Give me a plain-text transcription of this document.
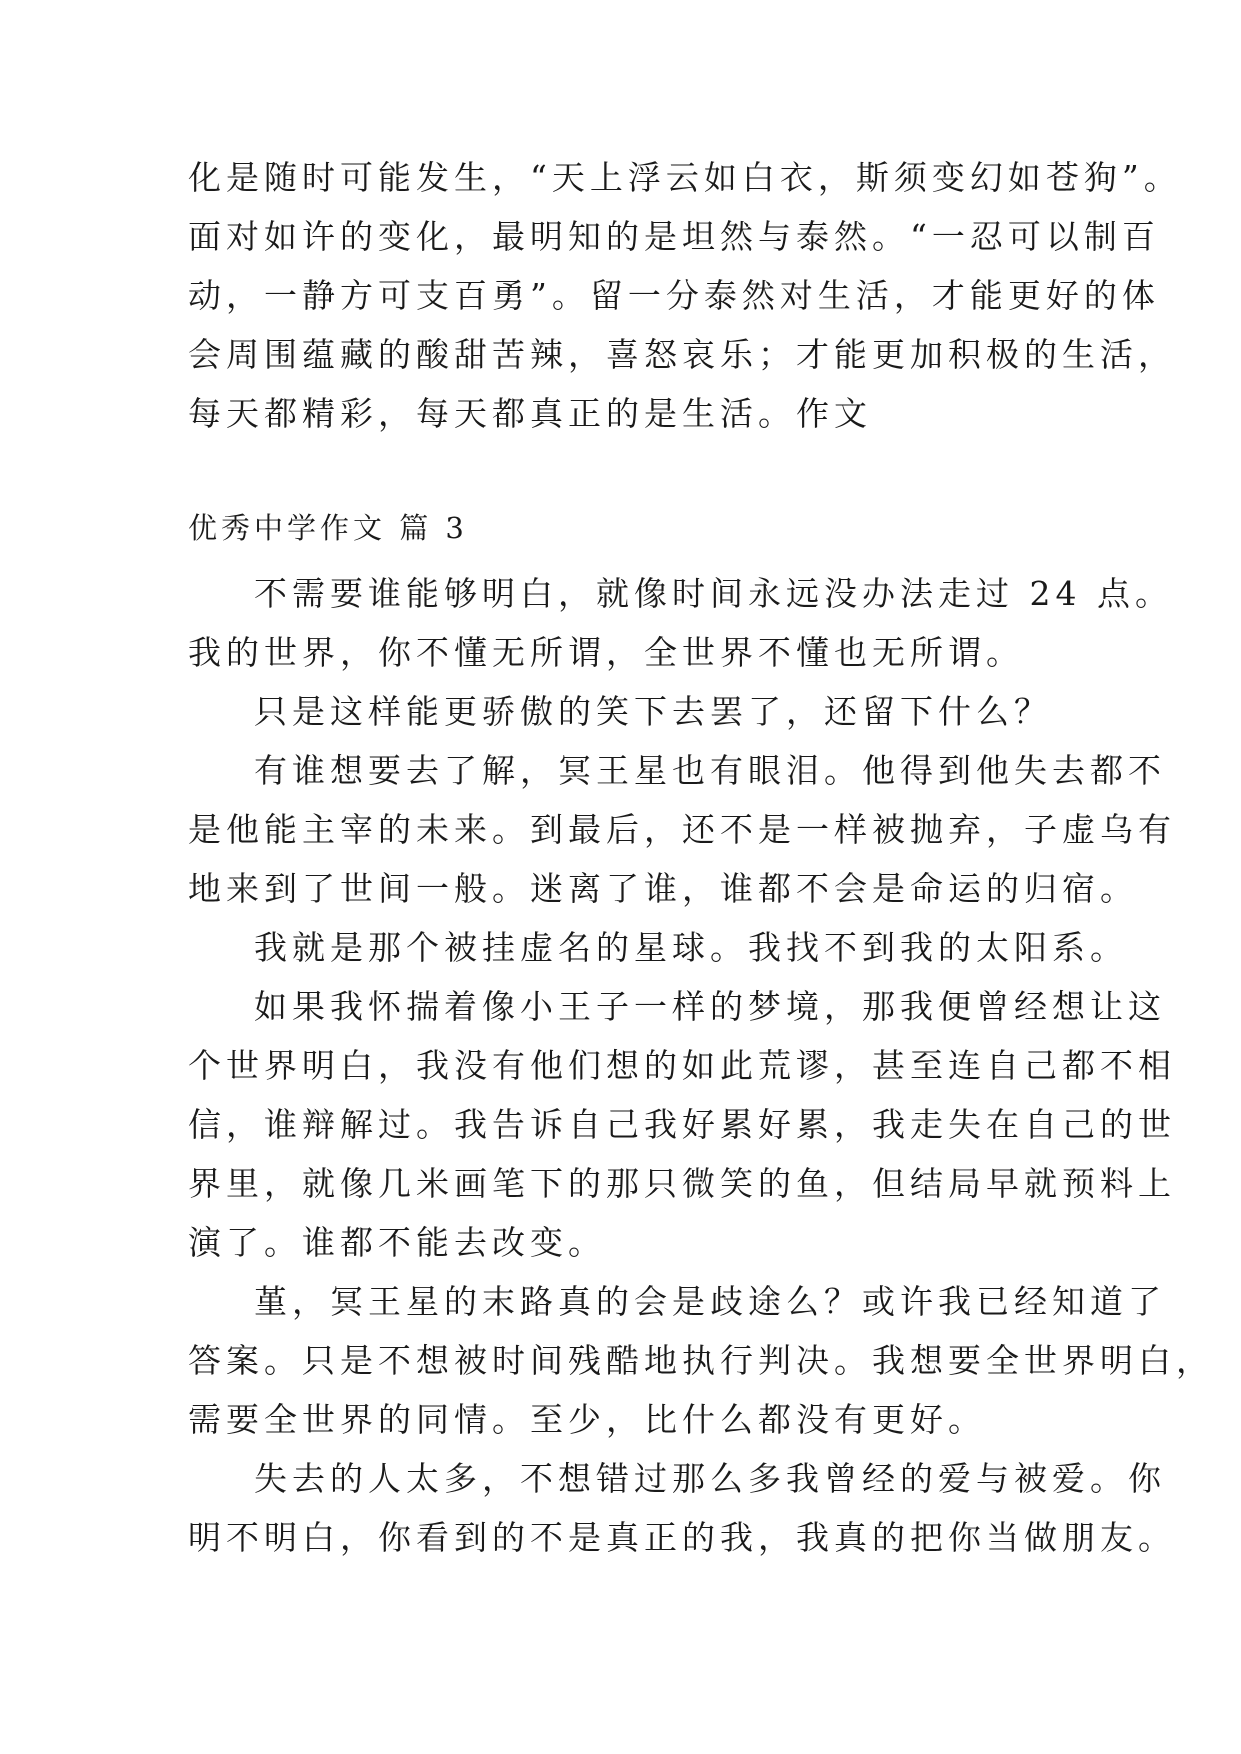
化是随时可能发生，“天上浮云如白衣，斯须变幻如苍狗”。
面对如许的变化，最明知的是坦然与泰然。“一忍可以制百
动，一静方可支百勇”。留一分泰然对生活，才能更好的体
会周围蕴藏的酸甜苦辣，喜怒哀乐；才能更加积极的生活，
每天都精彩，每天都真正的是生活。作文
优秀中学作文 篇 3
不需要谁能够明白，就像时间永远没办法走过 24 点。
我的世界，你不懂无所谓，全世界不懂也无所谓。
只是这样能更骄傲的笑下去罢了，还留下什么？
有谁想要去了解，冥王星也有眼泪。他得到他失去都不
是他能主宰的未来。到最后，还不是一样被抛弃，子虚乌有
地来到了世间一般。迷离了谁，谁都不会是命运的归宿。
我就是那个被挂虚名的星球。我找不到我的太阳系。
如果我怀揣着像小王子一样的梦境，那我便曾经想让这
个世界明白，我没有他们想的如此荒谬，甚至连自己都不相
信，谁辩解过。我告诉自己我好累好累，我走失在自己的世
界里，就像几米画笔下的那只微笑的鱼，但结局早就预料上
演了。谁都不能去改变。
堇，冥王星的末路真的会是歧途么？或许我已经知道了
答案。只是不想被时间残酷地执行判决。我想要全世界明白，
需要全世界的同情。至少，比什么都没有更好。
失去的人太多，不想错过那么多我曾经的爱与被爱。你
明不明白，你看到的不是真正的我，我真的把你当做朋友。
